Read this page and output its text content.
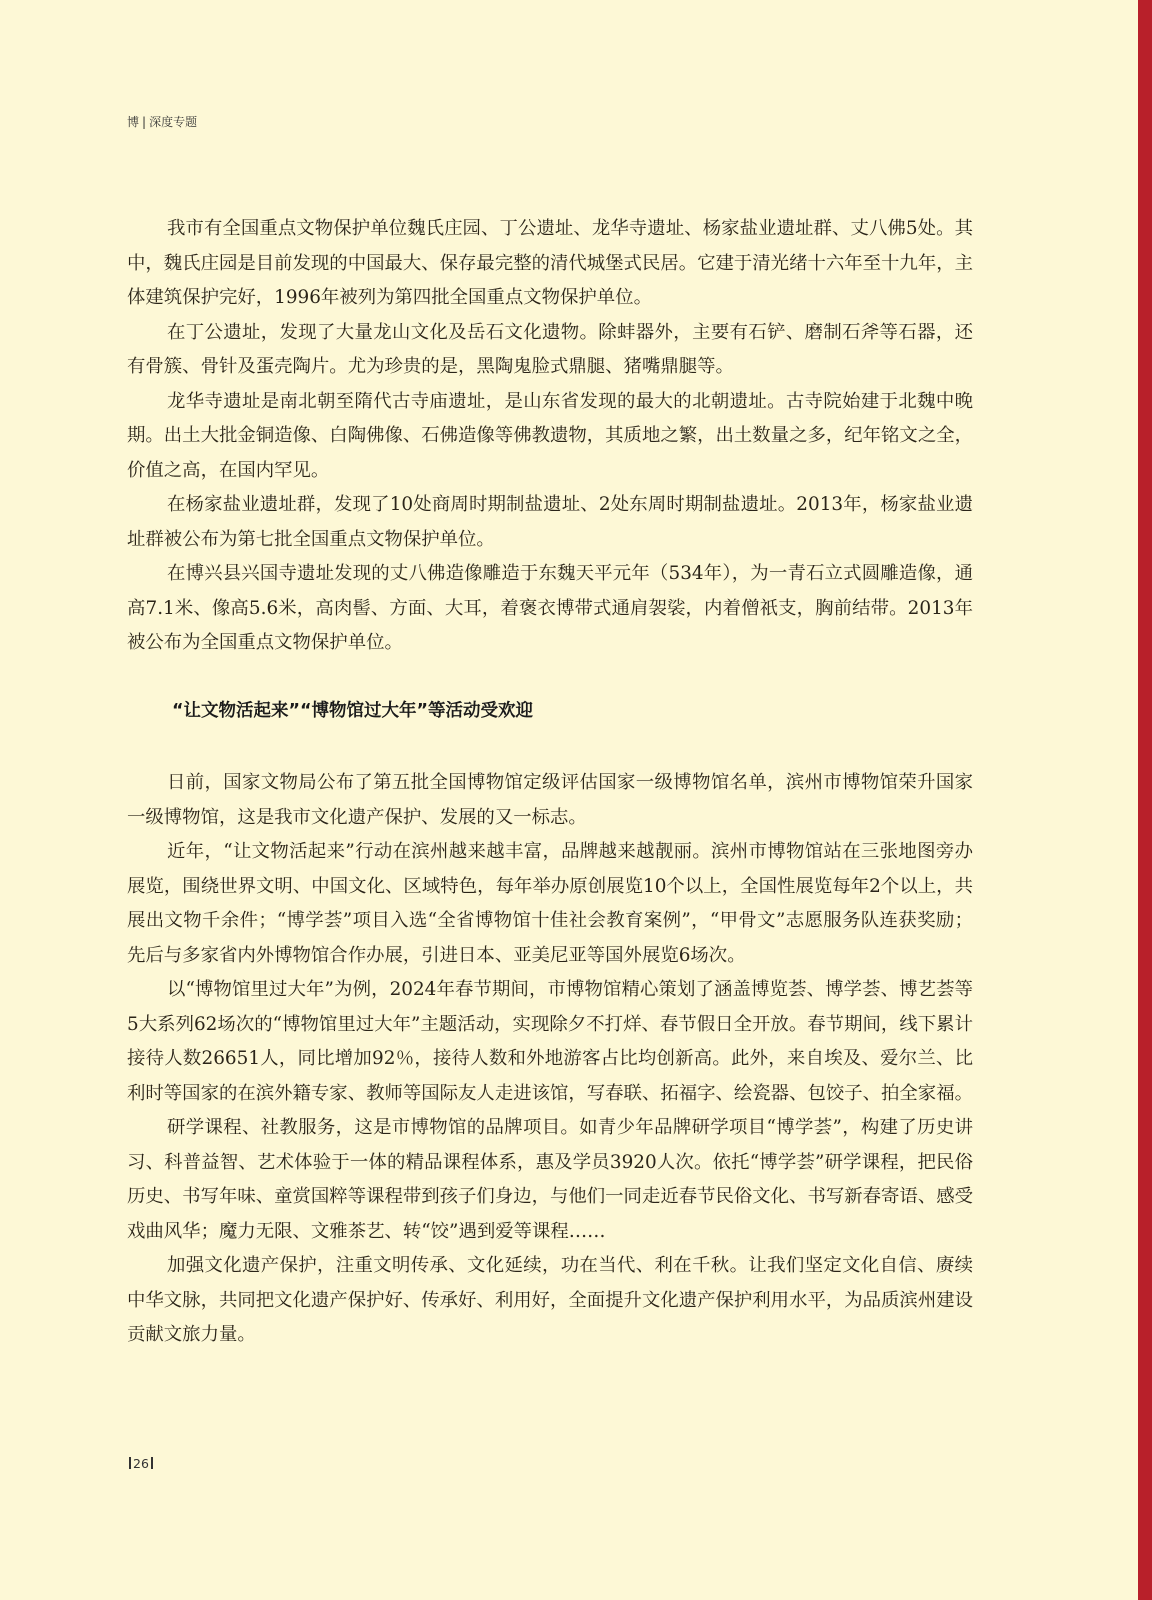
博 | 深度专题

我市有全国重点文物保护单位魏氏庄园、丁公遗址、龙华寺遗址、杨家盐业遗址群、丈八佛5处。其中，魏氏庄园是目前发现的中国最大、保存最完整的清代城堡式民居。它建于清光绪十六年至十九年，主体建筑保护完好，1996年被列为第四批全国重点文物保护单位。

在丁公遗址，发现了大量龙山文化及岳石文化遗物。除蚌器外，主要有石铲、磨制石斧等石器，还有骨簇、骨针及蛋壳陶片。尤为珍贵的是，黑陶鬼脸式鼎腿、猪嘴鼎腿等。

龙华寺遗址是南北朝至隋代古寺庙遗址，是山东省发现的最大的北朝遗址。古寺院始建于北魏中晚期。出土大批金铜造像、白陶佛像、石佛造像等佛教遗物，其质地之繁，出土数量之多，纪年铭文之全，价值之高，在国内罕见。

在杨家盐业遗址群，发现了10处商周时期制盐遗址、2处东周时期制盐遗址。2013年，杨家盐业遗址群被公布为第七批全国重点文物保护单位。

在博兴县兴国寺遗址发现的丈八佛造像雕造于东魏天平元年（534年），为一青石立式圆雕造像，通高7.1米、像高5.6米，高肉髻、方面、大耳，着褒衣博带式通肩袈裟，内着僧祇支，胸前结带。2013年被公布为全国重点文物保护单位。

“让文物活起来”“博物馆过大年”等活动受欢迎

日前，国家文物局公布了第五批全国博物馆定级评估国家一级博物馆名单，滨州市博物馆荣升国家一级博物馆，这是我市文化遗产保护、发展的又一标志。

近年，“让文物活起来”行动在滨州越来越丰富，品牌越来越靓丽。滨州市博物馆站在三张地图旁办展览，围绕世界文明、中国文化、区域特色，每年举办原创展览10个以上，全国性展览每年2个以上，共展出文物千余件；“博学荟”项目入选“全省博物馆十佳社会教育案例”，“甲骨文”志愿服务队连获奖励；先后与多家省内外博物馆合作办展，引进日本、亚美尼亚等国外展览6场次。

以“博物馆里过大年”为例，2024年春节期间，市博物馆精心策划了涵盖博览荟、博学荟、博艺荟等5大系列62场次的“博物馆里过大年”主题活动，实现除夕不打烊、春节假日全开放。春节期间，线下累计接待人数26651人，同比增加92％，接待人数和外地游客占比均创新高。此外，来自埃及、爱尔兰、比利时等国家的在滨外籍专家、教师等国际友人走进该馆，写春联、拓福字、绘瓷器、包饺子、拍全家福。

研学课程、社教服务，这是市博物馆的品牌项目。如青少年品牌研学项目“博学荟”，构建了历史讲习、科普益智、艺术体验于一体的精品课程体系，惠及学员3920人次。依托“博学荟”研学课程，把民俗历史、书写年味、童赏国粹等课程带到孩子们身边，与他们一同走近春节民俗文化、书写新春寄语、感受戏曲风华；魔力无限、文雅茶艺、转“饺”遇到爱等课程……

加强文化遗产保护，注重文明传承、文化延续，功在当代、利在千秋。让我们坚定文化自信、赓续中华文脉，共同把文化遗产保护好、传承好、利用好，全面提升文化遗产保护利用水平，为品质滨州建设贡献文旅力量。

26
